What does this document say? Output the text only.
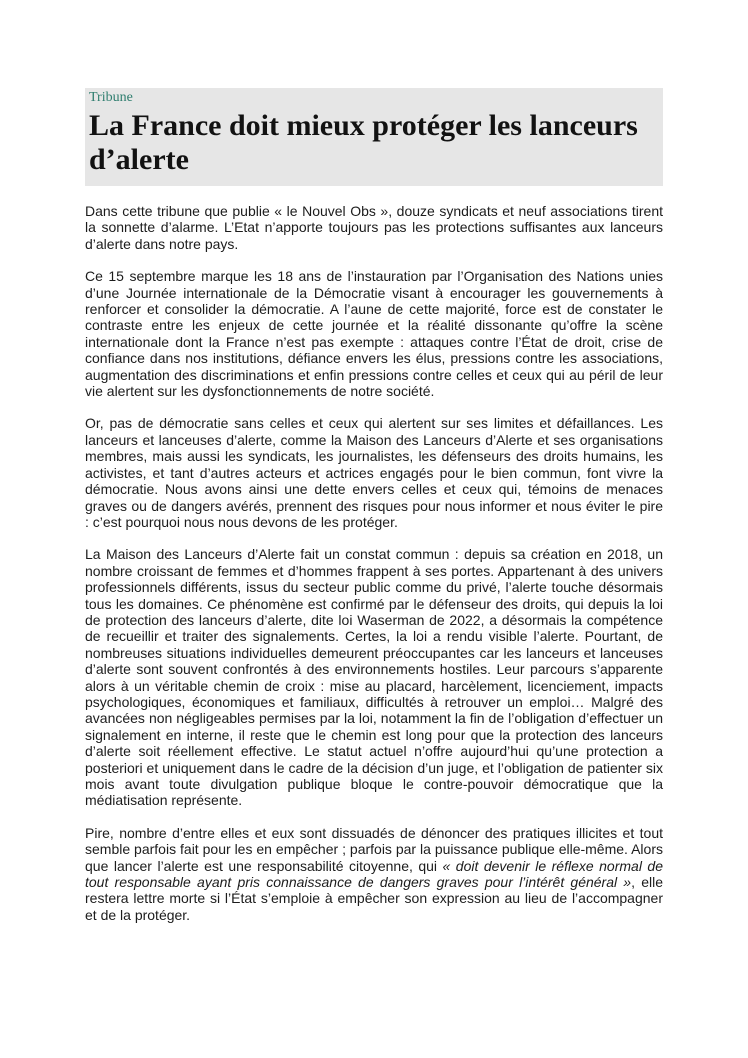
Tribune
La France doit mieux protéger les lanceurs d’alerte

Dans cette tribune que publie « le Nouvel Obs », douze syndicats et neuf associations tirent la sonnette d’alarme. L’Etat n’apporte toujours pas les protections suffisantes aux lanceurs d’alerte dans notre pays.

Ce 15 septembre marque les 18 ans de l’instauration par l’Organisation des Nations unies d’une Journée internationale de la Démocratie visant à encourager les gouvernements à renforcer et consolider la démocratie. A l’aune de cette majorité, force est de constater le contraste entre les enjeux de cette journée et la réalité dissonante qu’offre la scène internationale dont la France n’est pas exempte : attaques contre l’État de droit, crise de confiance dans nos institutions, défiance envers les élus, pressions contre les associations, augmentation des discriminations et enfin pressions contre celles et ceux qui au péril de leur vie alertent sur les dysfonctionnements de notre société.

Or, pas de démocratie sans celles et ceux qui alertent sur ses limites et défaillances. Les lanceurs et lanceuses d’alerte, comme la Maison des Lanceurs d’Alerte et ses organisations membres, mais aussi les syndicats, les journalistes, les défenseurs des droits humains, les activistes, et tant d’autres acteurs et actrices engagés pour le bien commun, font vivre la démocratie. Nous avons ainsi une dette envers celles et ceux qui, témoins de menaces graves ou de dangers avérés, prennent des risques pour nous informer et nous éviter le pire : c’est pourquoi nous nous devons de les protéger.

La Maison des Lanceurs d’Alerte fait un constat commun : depuis sa création en 2018, un nombre croissant de femmes et d’hommes frappent à ses portes. Appartenant à des univers professionnels différents, issus du secteur public comme du privé, l’alerte touche désormais tous les domaines. Ce phénomène est confirmé par le défenseur des droits, qui depuis la loi de protection des lanceurs d’alerte, dite loi Waserman de 2022, a désormais la compétence de recueillir et traiter des signalements. Certes, la loi a rendu visible l’alerte. Pourtant, de nombreuses situations individuelles demeurent préoccupantes car les lanceurs et lanceuses d’alerte sont souvent confrontés à des environnements hostiles. Leur parcours s’apparente alors à un véritable chemin de croix : mise au placard, harcèlement, licenciement, impacts psychologiques, économiques et familiaux, difficultés à retrouver un emploi… Malgré des avancées non négligeables permises par la loi, notamment la fin de l’obligation d’effectuer un signalement en interne, il reste que le chemin est long pour que la protection des lanceurs d’alerte soit réellement effective. Le statut actuel n’offre aujourd’hui qu’une protection a posteriori et uniquement dans le cadre de la décision d’un juge, et l’obligation de patienter six mois avant toute divulgation publique bloque le contre-pouvoir démocratique que la médiatisation représente.

Pire, nombre d’entre elles et eux sont dissuadés de dénoncer des pratiques illicites et tout semble parfois fait pour les en empêcher ; parfois par la puissance publique elle-même. Alors que lancer l’alerte est une responsabilité citoyenne, qui « doit devenir le réflexe normal de tout responsable ayant pris connaissance de dangers graves pour l’intérêt général », elle restera lettre morte si l’État s’emploie à empêcher son expression au lieu de l’accompagner et de la protéger.
